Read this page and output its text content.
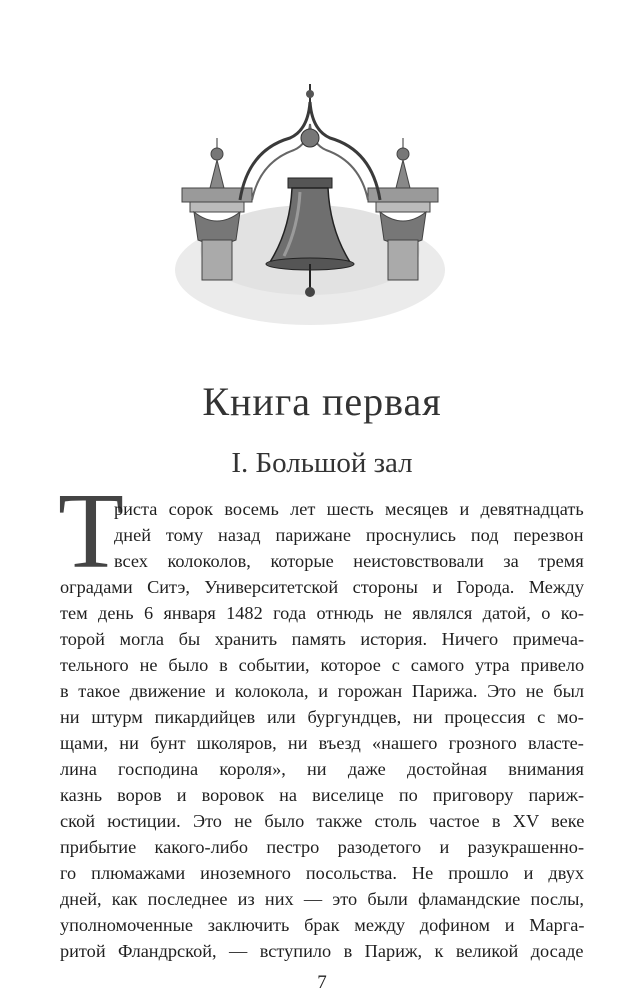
Книга первая
I. Большой зал
Т
риста сорок восемь лет шесть месяцев и девятнадцать
дней тому назад парижане проснулись под перезвон
всех колоколов, которые неистовствовали за тремя
оградами Ситэ, Университетской стороны и Города. Между
тем день 6 января 1482 года отнюдь не являлся датой, о ко-
торой могла бы хранить память история. Ничего примеча-
тельного не было в событии, которое с самого утра привело
в такое движение и колокола, и горожан Парижа. Это не был
ни штурм пикардийцев или бургундцев, ни процессия с мо-
щами, ни бунт школяров, ни въезд «нашего грозного власте-
лина господина короля», ни даже достойная внимания
казнь воров и воровок на виселице по приговору париж-
ской юстиции. Это не было также столь частое в XV веке
прибытие какого-либо пестро разодетого и разукрашенно-
го плюмажами иноземного посольства. Не прошло и двух
дней, как последнее из них — это были фламандские послы,
уполномоченные заключить брак между дофином и Марга-
ритой Фландрской, — вступило в Париж, к великой досаде
7
